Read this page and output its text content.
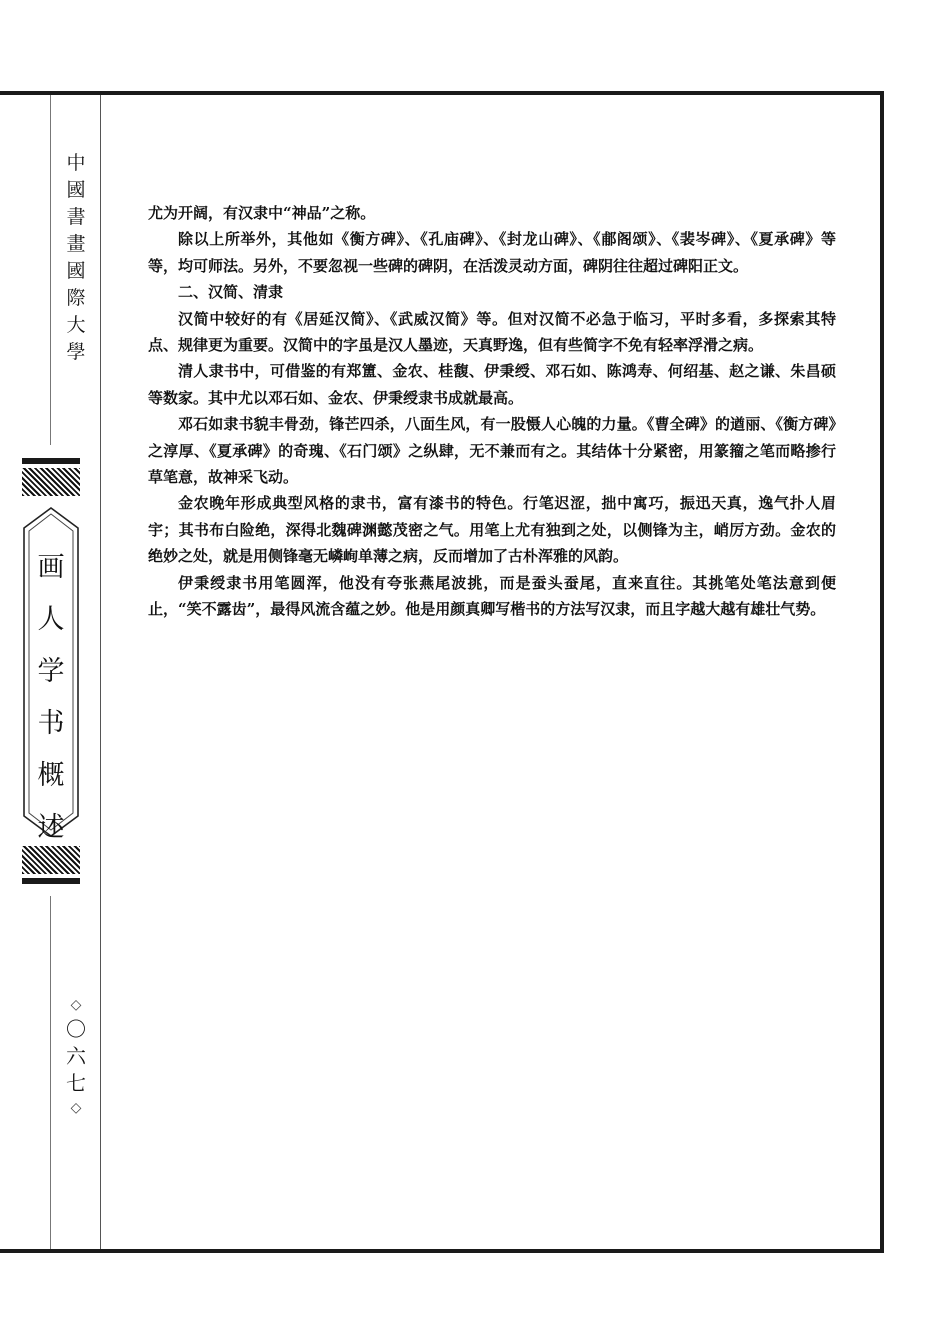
中
國
書
畫
國
際
大
學
画
人
学
书
概
述
◇
〇
六
七
◇

尤为开阔，有汉隶中“神品”之称。

除以上所举外，其他如《衡方碑》、《孔庙碑》、《封龙山碑》、《郙阁颂》、《裴岑碑》、《夏承碑》等等，均可师法。另外，不要忽视一些碑的碑阴，在活泼灵动方面，碑阴往往超过碑阳正文。

二、汉简、清隶

汉简中较好的有《居延汉简》、《武威汉简》等。但对汉简不必急于临习，平时多看，多探索其特点、规律更为重要。汉简中的字虽是汉人墨迹，天真野逸，但有些简字不免有轻率浮滑之病。

清人隶书中，可借鉴的有郑簠、金农、桂馥、伊秉绶、邓石如、陈鸿寿、何绍基、赵之谦、朱昌硕等数家。其中尤以邓石如、金农、伊秉绶隶书成就最高。

邓石如隶书貌丰骨劲，锋芒四杀，八面生风，有一股慑人心魄的力量。《曹全碑》的遒丽、《衡方碑》之淳厚、《夏承碑》的奇瑰、《石门颂》之纵肆，无不兼而有之。其结体十分紧密，用篆籀之笔而略掺行草笔意，故神采飞动。

金农晚年形成典型风格的隶书，富有漆书的特色。行笔迟涩，拙中寓巧，振迅天真，逸气扑人眉宇；其书布白险绝，深得北魏碑渊懿茂密之气。用笔上尤有独到之处，以侧锋为主，峭厉方劲。金农的绝妙之处，就是用侧锋毫无嶙峋单薄之病，反而增加了古朴浑雅的风韵。

伊秉绶隶书用笔圆浑，他没有夸张燕尾波挑，而是蚕头蚕尾，直来直往。其挑笔处笔法意到便止，“笑不露齿”，最得风流含蕴之妙。他是用颜真卿写楷书的方法写汉隶，而且字越大越有雄壮气势。
